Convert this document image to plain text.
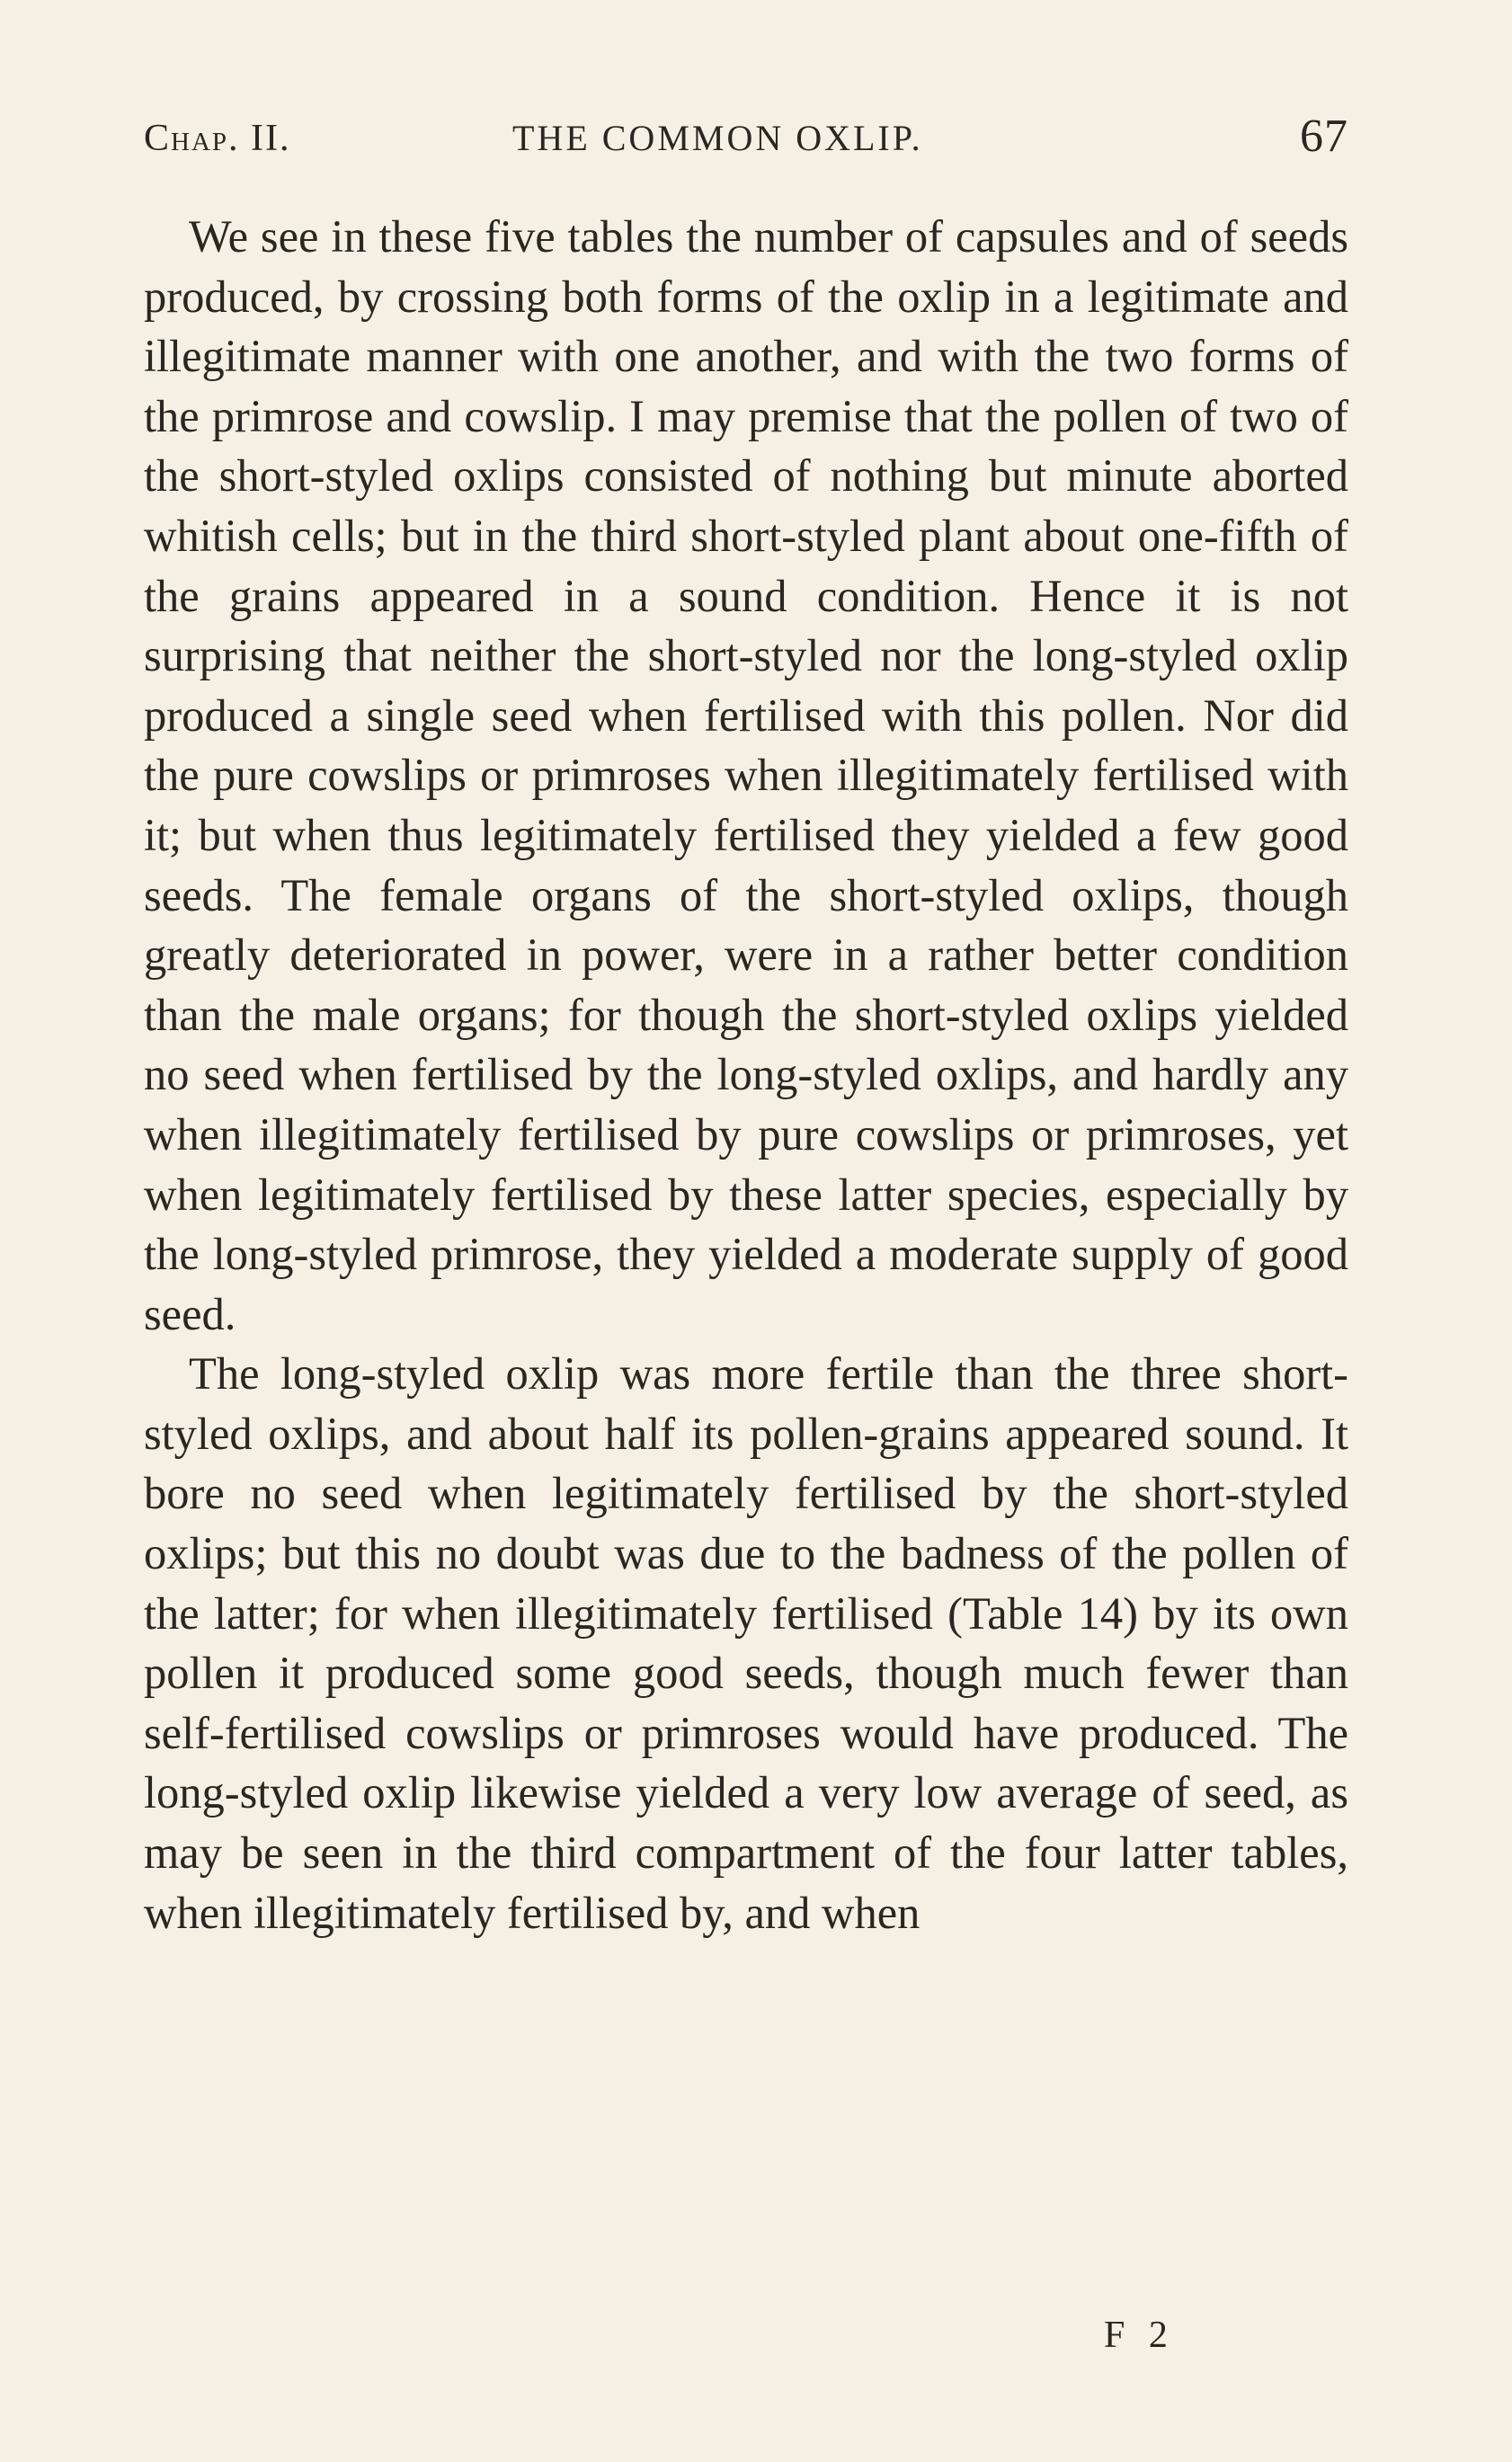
Chap. II.	THE COMMON OXLIP.	67

We see in these five tables the number of capsules and of seeds produced, by crossing both forms of the oxlip in a legitimate and illegitimate manner with one another, and with the two forms of the primrose and cowslip. I may premise that the pollen of two of the short-styled oxlips consisted of nothing but minute aborted whitish cells; but in the third short-styled plant about one-fifth of the grains appeared in a sound condition. Hence it is not surprising that neither the short-styled nor the long-styled oxlip produced a single seed when fertilised with this pollen. Nor did the pure cowslips or primroses when illegitimately fertilised with it; but when thus legitimately fertilised they yielded a few good seeds. The female organs of the short-styled oxlips, though greatly deteriorated in power, were in a rather better condition than the male organs; for though the short-styled oxlips yielded no seed when fertilised by the long-styled oxlips, and hardly any when illegitimately fertilised by pure cowslips or primroses, yet when legitimately fertilised by these latter species, especially by the long-styled primrose, they yielded a moderate supply of good seed.

The long-styled oxlip was more fertile than the three short-styled oxlips, and about half its pollen-grains appeared sound. It bore no seed when legitimately fertilised by the short-styled oxlips; but this no doubt was due to the badness of the pollen of the latter; for when illegitimately fertilised (Table 14) by its own pollen it produced some good seeds, though much fewer than self-fertilised cowslips or primroses would have produced. The long-styled oxlip likewise yielded a very low average of seed, as may be seen in the third compartment of the four latter tables, when illegitimately fertilised by, and when

F 2
